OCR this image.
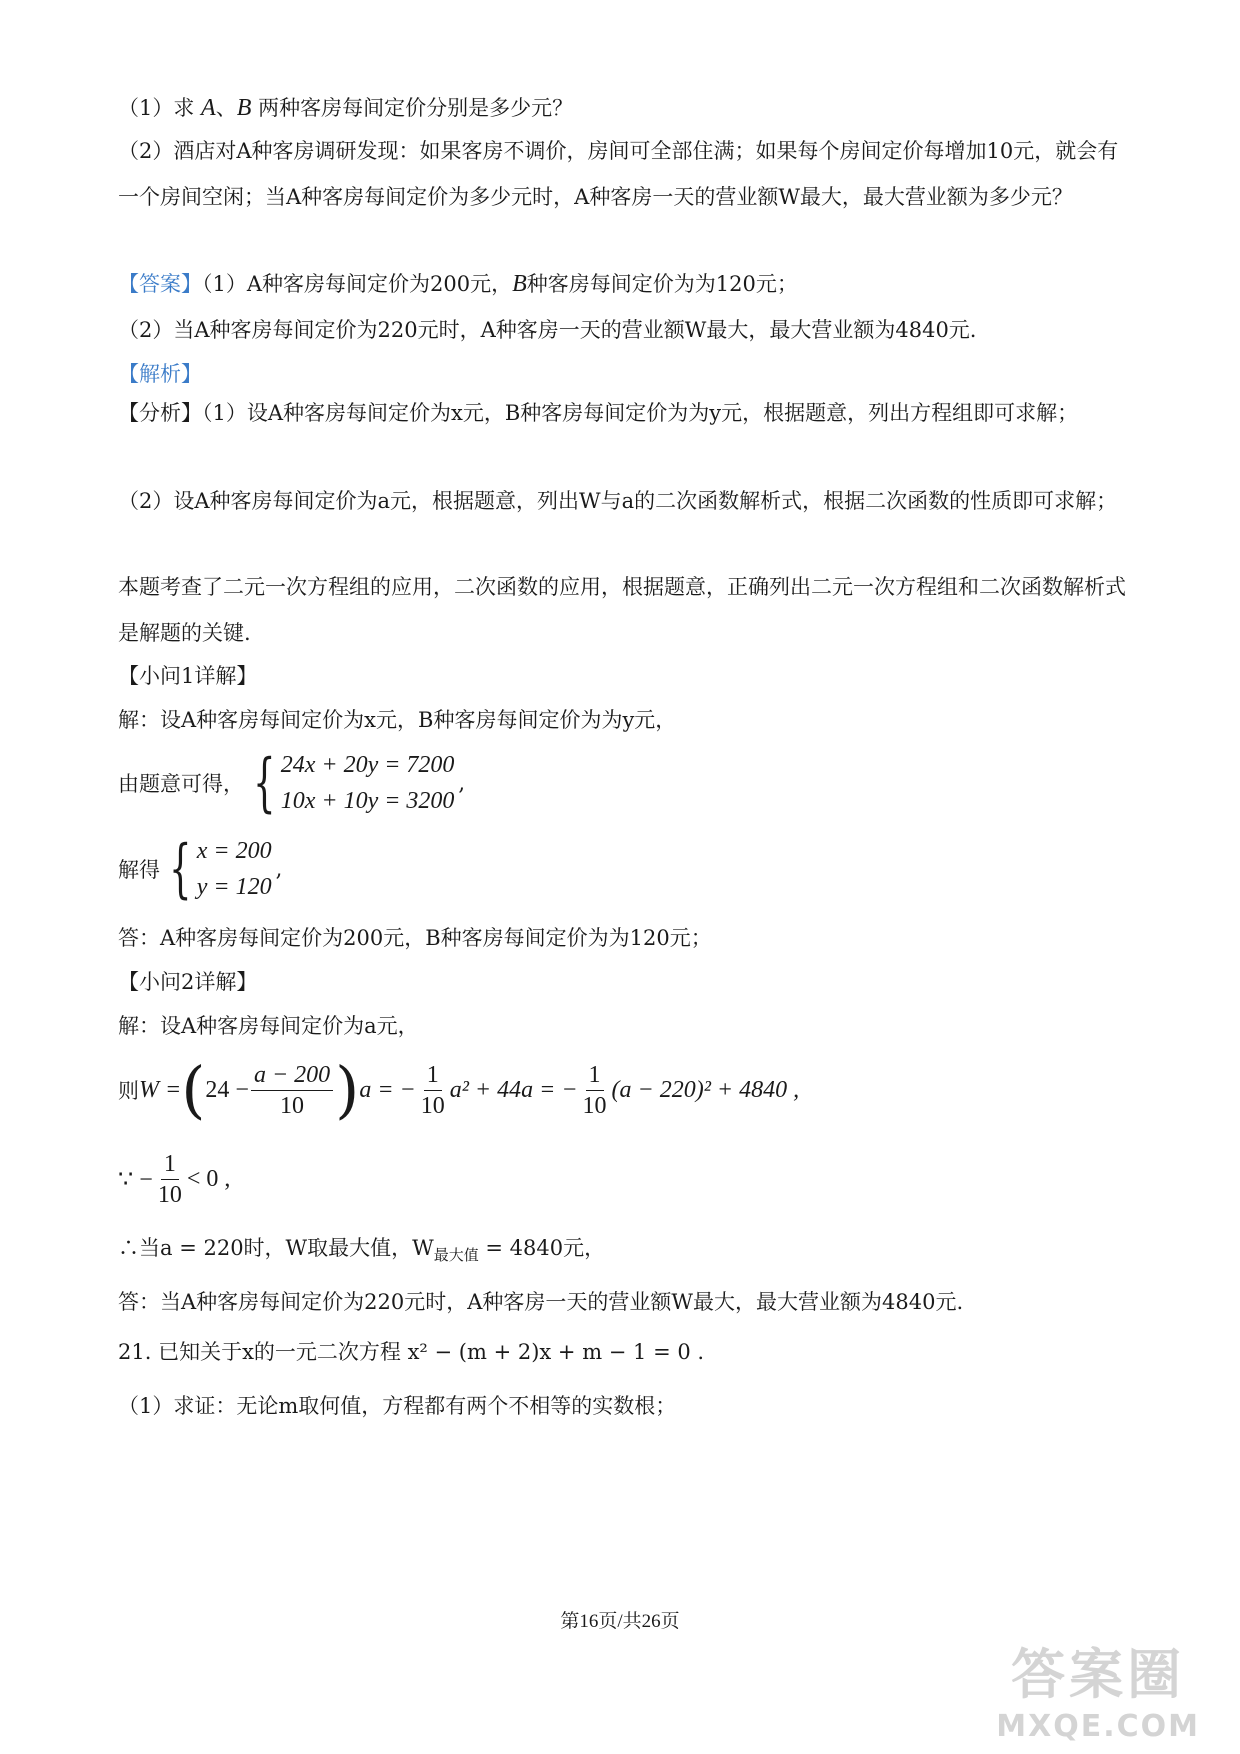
（1）求 A、B 两种客房每间定价分别是多少元？
（2）酒店对A种客房调研发现：如果客房不调价，房间可全部住满；如果每个房间定价每增加10元，就会有一个房间空闲；当A种客房每间定价为多少元时，A种客房一天的营业额W最大，最大营业额为多少元？
【答案】（1）A种客房每间定价为200元，B种客房每间定价为为120元；
（2）当A种客房每间定价为220元时，A种客房一天的营业额W最大，最大营业额为4840元.
【解析】
【分析】（1）设A种客房每间定价为x元，B种客房每间定价为为y元，根据题意，列出方程组即可求解；
（2）设A种客房每间定价为a元，根据题意，列出W与a的二次函数解析式，根据二次函数的性质即可求解；
本题考查了二元一次方程组的应用，二次函数的应用，根据题意，正确列出二元一次方程组和二次函数解析式是解题的关键.
【小问1详解】
解：设A种客房每间定价为x元，B种客房每间定价为为y元，
由题意可得， { 24x + 20y = 7200
10x + 10y = 3200
,
解得 { x = 200
y = 120
,
答：A种客房每间定价为200元，B种客房每间定价为为120元；
【小问2详解】
解：设A种客房每间定价为a元，
则 W = ( $24 - \frac{a - 200}{10}$ ) a = − $\frac{1}{10} a^2 + 44a$ = − $\frac{1}{10} (a - 220)^2 + 4840$ ,
∵ − $\frac{1}{10} < 0$ ,
∴当a = 220时，W取最大值，$W_{最大值} = 4840$元，
答：当A种客房每间定价为220元时，A种客房一天的营业额W最大，最大营业额为4840元.
21. 已知关于x的一元二次方程 x² − (m + 2)x + m − 1 = 0 .
（1）求证：无论m取何值，方程都有两个不相等的实数根；
第16页/共26页
答案圈
MXQE.COM
